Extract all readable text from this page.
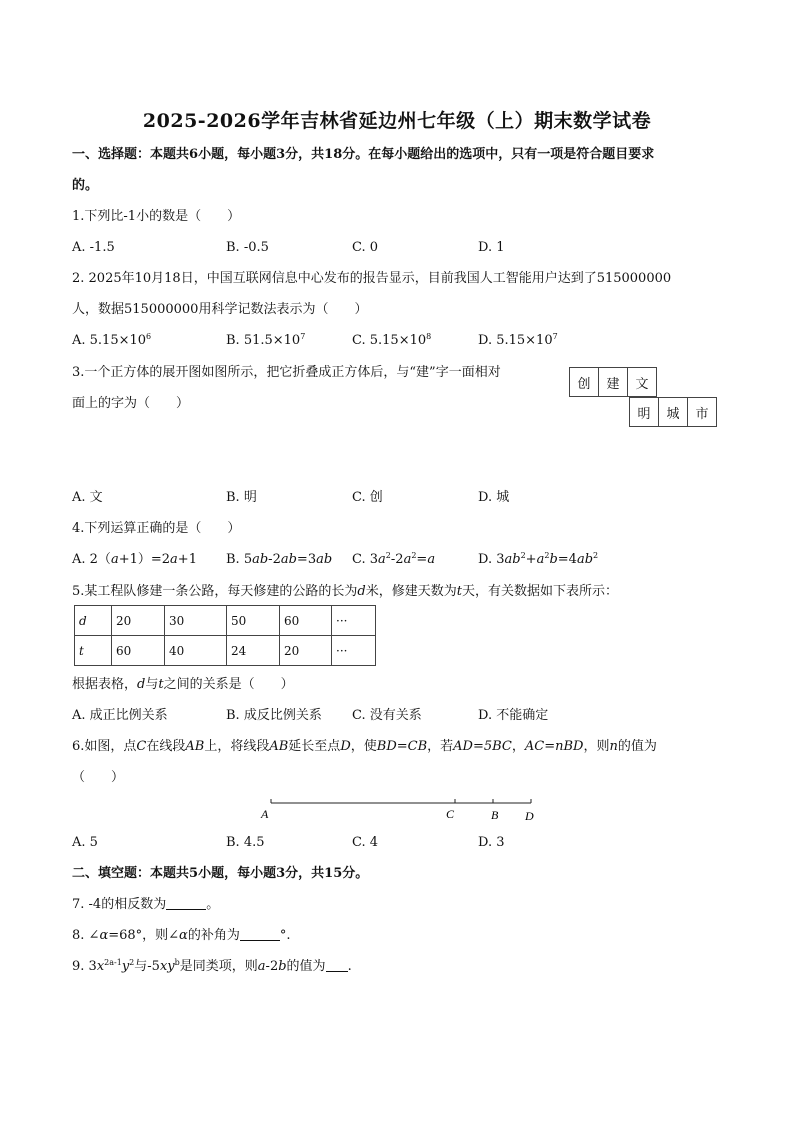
2025-2026学年吉林省延边州七年级（上）期末数学试卷
一、选择题：本题共6小题，每小题3分，共18分。在每小题给出的选项中，只有一项是符合题目要求
的。
1.下列比-1小的数是（　　）
A. -1.5	B. -0.5	C. 0	D. 1
2. 2025年10月18日，中国互联网信息中心发布的报告显示，目前我国人工智能用户达到了515000000
人，数据515000000用科学记数法表示为（　　）
A. $5.15\times 10^6$	B. $51.5\times 10^7$	C. $5.15\times 10^8$	D. $5.15\times 10^7$
3.一个正方体的展开图如图所示，把它折叠成正方体后，与“建”字一面相对
面上的字为（　　）
创	建	文		
明	城	市
A. 文	B. 明	C. 创	D. 城
4.下列运算正确的是（　　）
A. 2（a+1）=2a+1 B. 5ab-2ab=3ab C. $3a^2-2a^2=a$	D. $3ab^2+a^2b=4ab^2$
5.某工程队修建一条公路，每天修建的公路的长为d米，修建天数为t天，有关数据如下表所示：
d	20	30	50	60	···
t	60	40	24	20	···
根据表格，d与t之间的关系是（　　）
A. 成正比例关系	B. 成反比例关系 C. 没有关系	D. 不能确定
6.如图，点C在线段AB上，将线段AB延长至点D，使BD=CB，若AD=5BC，AC=nBD，则n的值为
（　　）
A	C	B D
A. 5	B. 4.5	C. 4	D. 3
二、填空题：本题共5小题，每小题3分，共15分。
7. -4的相反数为	。
8. ∠α=68°，则∠α的补角为	°.
9. $3x^{2a-1}y^2$与$-5xy^b$是同类项，则a-2b的值为 .
